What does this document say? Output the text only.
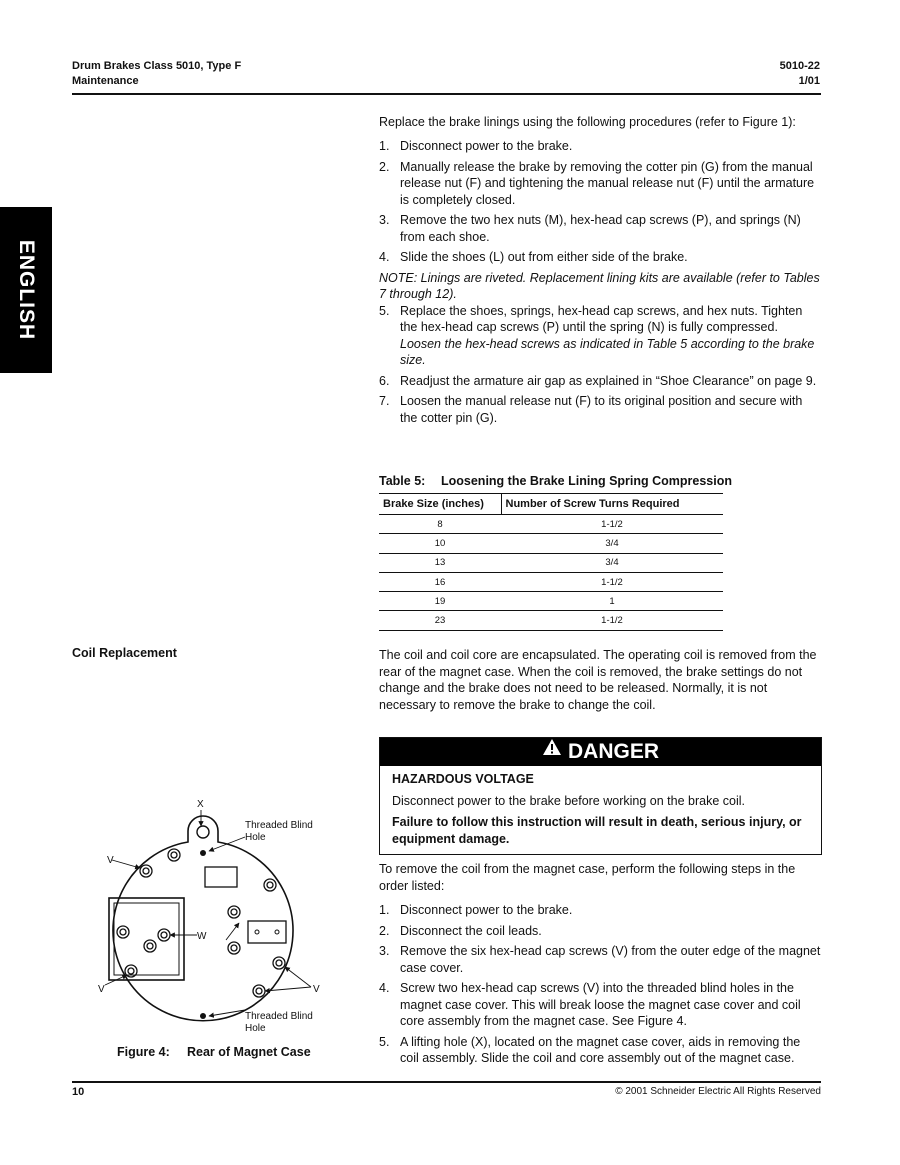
Drum Brakes Class 5010, Type F
Maintenance
5010-22
1/01
ENGLISH

Replace the brake linings using the following procedures (refer to Figure 1):

1. Disconnect power to the brake.
2. Manually release the brake by removing the cotter pin (G) from the manual release nut (F) and tightening the manual release nut (F) until the armature is completely closed.
3. Remove the two hex nuts (M), hex-head cap screws (P), and springs (N) from each shoe.
4. Slide the shoes (L) out from either side of the brake.

NOTE: Linings are riveted. Replacement lining kits are available (refer to Tables 7 through 12).

5. Replace the shoes, springs, hex-head cap screws, and hex nuts. Tighten the hex-head cap screws (P) until the spring (N) is fully compressed. Loosen the hex-head screws as indicated in Table 5 according to the brake size.
6. Readjust the armature air gap as explained in “Shoe Clearance” on page 9.
7. Loosen the manual release nut (F) to its original position and secure with the cotter pin (G).
Table 5: Loosening the Brake Lining Spring Compression
Brake Size (inches)	Number of Screw Turns Required
8	1-1/2
10	3/4
13	3/4
16	1-1/2
19	1
23	1-1/2
Coil Replacement	The coil and coil core are encapsulated. The operating coil is removed from the rear of the magnet case. When the coil is removed, the brake settings do not change and the brake does not need to be released. Normally, it is not necessary to remove the brake to change the coil.

DANGER
HAZARDOUS VOLTAGE
Disconnect power to the brake before working on the brake coil.
Failure to follow this instruction will result in death, serious injury, or equipment damage.

To remove the coil from the magnet case, perform the following steps in the order listed:

1. Disconnect power to the brake.
2. Disconnect the coil leads.
3. Remove the six hex-head cap screws (V) from the outer edge of the magnet case cover.
4. Screw two hex-head cap screws (V) into the threaded blind holes in the magnet case cover. This will break loose the magnet case cover and coil core assembly from the magnet case. See Figure 4.
5. A lifting hole (X), located on the magnet case cover, aids in removing the coil assembly. Slide the coil and core assembly out of the magnet case.
X
V
V	V
W
Threaded Blind
Hole
Threaded Blind
Hole
Figure 4: Rear of Magnet Case
10	© 2001 Schneider Electric All Rights Reserved
